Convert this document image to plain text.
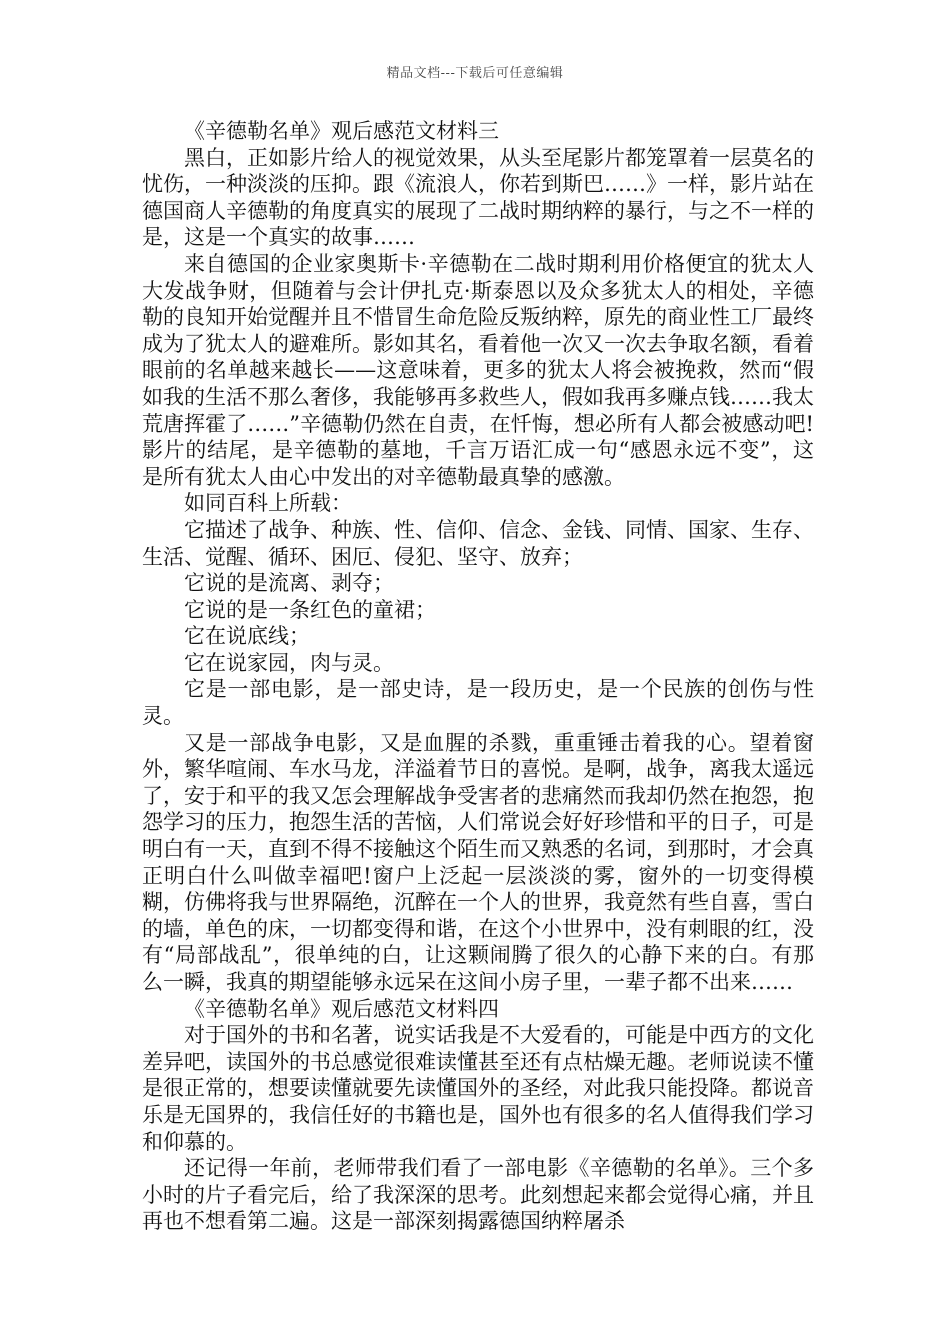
精品文档---下载后可任意编辑

《辛德勒名单》观后感范文材料三

黑白，正如影片给人的视觉效果，从头至尾影片都笼罩着一层莫名的忧伤，一种淡淡的压抑。跟《流浪人，你若到斯巴……》一样，影片站在德国商人辛德勒的角度真实的展现了二战时期纳粹的暴行，与之不一样的是，这是一个真实的故事……

来自德国的企业家奥斯卡·辛德勒在二战时期利用价格便宜的犹太人大发战争财，但随着与会计伊扎克·斯泰恩以及众多犹太人的相处，辛德勒的良知开始觉醒并且不惜冒生命危险反叛纳粹，原先的商业性工厂最终成为了犹太人的避难所。影如其名，看着他一次又一次去争取名额，看着眼前的名单越来越长——这意味着，更多的犹太人将会被挽救，然而“假如我的生活不那么奢侈，我能够再多救些人，假如我再多赚点钱……我太荒唐挥霍了……”辛德勒仍然在自责，在忏悔，想必所有人都会被感动吧!影片的结尾，是辛德勒的墓地，千言万语汇成一句“感恩永远不变”，这是所有犹太人由心中发出的对辛德勒最真挚的感激。

如同百科上所载：

它描述了战争、种族、性、信仰、信念、金钱、同情、国家、生存、生活、觉醒、循环、困厄、侵犯、坚守、放弃；

它说的是流离、剥夺；

它说的是一条红色的童裙；

它在说底线；

它在说家园，肉与灵。

它是一部电影，是一部史诗，是一段历史，是一个民族的创伤与性灵。

又是一部战争电影，又是血腥的杀戮，重重锤击着我的心。望着窗外，繁华喧闹、车水马龙，洋溢着节日的喜悦。是啊，战争，离我太遥远了，安于和平的我又怎会理解战争受害者的悲痛然而我却仍然在抱怨，抱怨学习的压力，抱怨生活的苦恼，人们常说会好好珍惜和平的日子，可是明白有一天，直到不得不接触这个陌生而又熟悉的名词，到那时，才会真正明白什么叫做幸福吧!窗户上泛起一层淡淡的雾，窗外的一切变得模糊，仿佛将我与世界隔绝，沉醉在一个人的世界，我竟然有些自喜，雪白的墙，单色的床，一切都变得和谐，在这个小世界中，没有刺眼的红，没有“局部战乱”，很单纯的白，让这颗闹腾了很久的心静下来的白。有那么一瞬，我真的期望能够永远呆在这间小房子里，一辈子都不出来……

《辛德勒名单》观后感范文材料四

对于国外的书和名著，说实话我是不大爱看的，可能是中西方的文化差异吧，读国外的书总感觉很难读懂甚至还有点枯燥无趣。老师说读不懂是很正常的，想要读懂就要先读懂国外的圣经，对此我只能投降。都说音乐是无国界的，我信任好的书籍也是，国外也有很多的名人值得我们学习和仰慕的。

还记得一年前，老师带我们看了一部电影《辛德勒的名单》。三个多小时的片子看完后，给了我深深的思考。此刻想起来都会觉得心痛，并且再也不想看第二遍。这是一部深刻揭露德国纳粹屠杀
